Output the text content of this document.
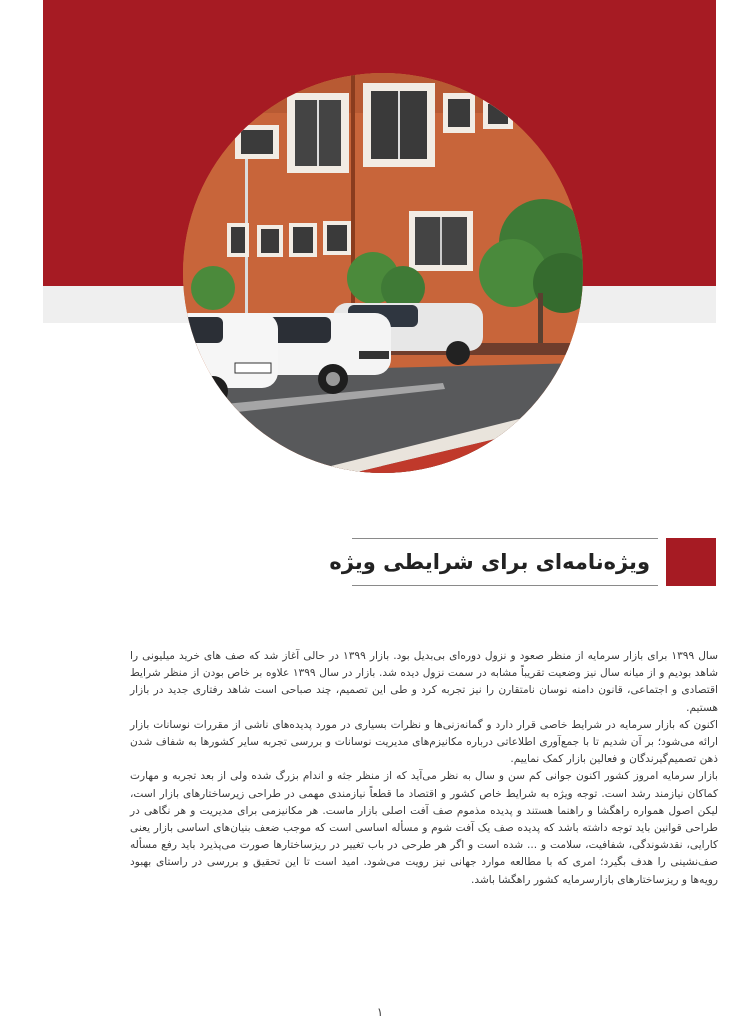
ویژه‌نامه‌ای برای شرایطی ویژه

سال ۱۳۹۹ برای بازار سرمایه از منظر صعود و نزول دوره‌ای بی‌بدیل بود. بازار ۱۳۹۹ در حالی آغاز شد که صف های خرید میلیونی را شاهد بودیم و از میانه سال نیز وضعیت تقریباً مشابه در سمت نزول دیده شد. بازار در سال ۱۳۹۹ علاوه بر خاص بودن از منظر شرایط اقتصادی و اجتماعی، قانون دامنه نوسان نامتقارن را نیز تجربه کرد و طی این تصمیم، چند صباحی است شاهد رفتاری جدید در بازار هستیم.

اکنون که بازار سرمایه در شرایط خاصی قرار دارد و گمانه‌زنی‌ها و نظرات بسیاری در مورد پدیده‌های ناشی از مقررات نوسانات بازار ارائه می‌شود؛ بر آن شدیم تا با جمع‌آوری اطلاعاتی درباره مکانیزم‌های مدیریت نوسانات و بررسی تجربه سایر کشورها به شفاف شدن ذهن تصمیم‌گیرندگان و فعالین بازار کمک نماییم.

بازار سرمایه امروز کشور اکنون جوانی کم سن و سال به نظر می‌آید که از منظر جثه و اندام بزرگ شده ولی از بعد تجربه و مهارت کماکان نیازمند رشد است. توجه ویژه به شرایط خاص کشور و اقتصاد ما قطعاً نیازمندی مهمی در طراحی زیرساختارهای بازار است، لیکن اصول همواره راهگشا و راهنما هستند و پدیده مذموم صف آفت اصلی بازار ماست. هر مکانیزمی برای مدیریت و هر نگاهی در طراحی قوانین باید توجه داشته باشد که پدیده صف یک آفت شوم و مسأله اساسی است که موجب ضعف بنیان‌های اساسی بازار یعنی کارایی، نقدشوندگی، شفافیت، سلامت و ... شده است و اگر هر طرحی در باب تغییر در ریزساختارها صورت می‌پذیرد باید رفع مسأله صف‌نشینی را هدف بگیرد؛ امری که با مطالعه موارد جهانی نیز رویت می‌شود. امید است تا این تحقیق و بررسی در راستای بهبود رویه‌ها و ریزساختارهای بازارسرمایه کشور راهگشا باشد.

۱
